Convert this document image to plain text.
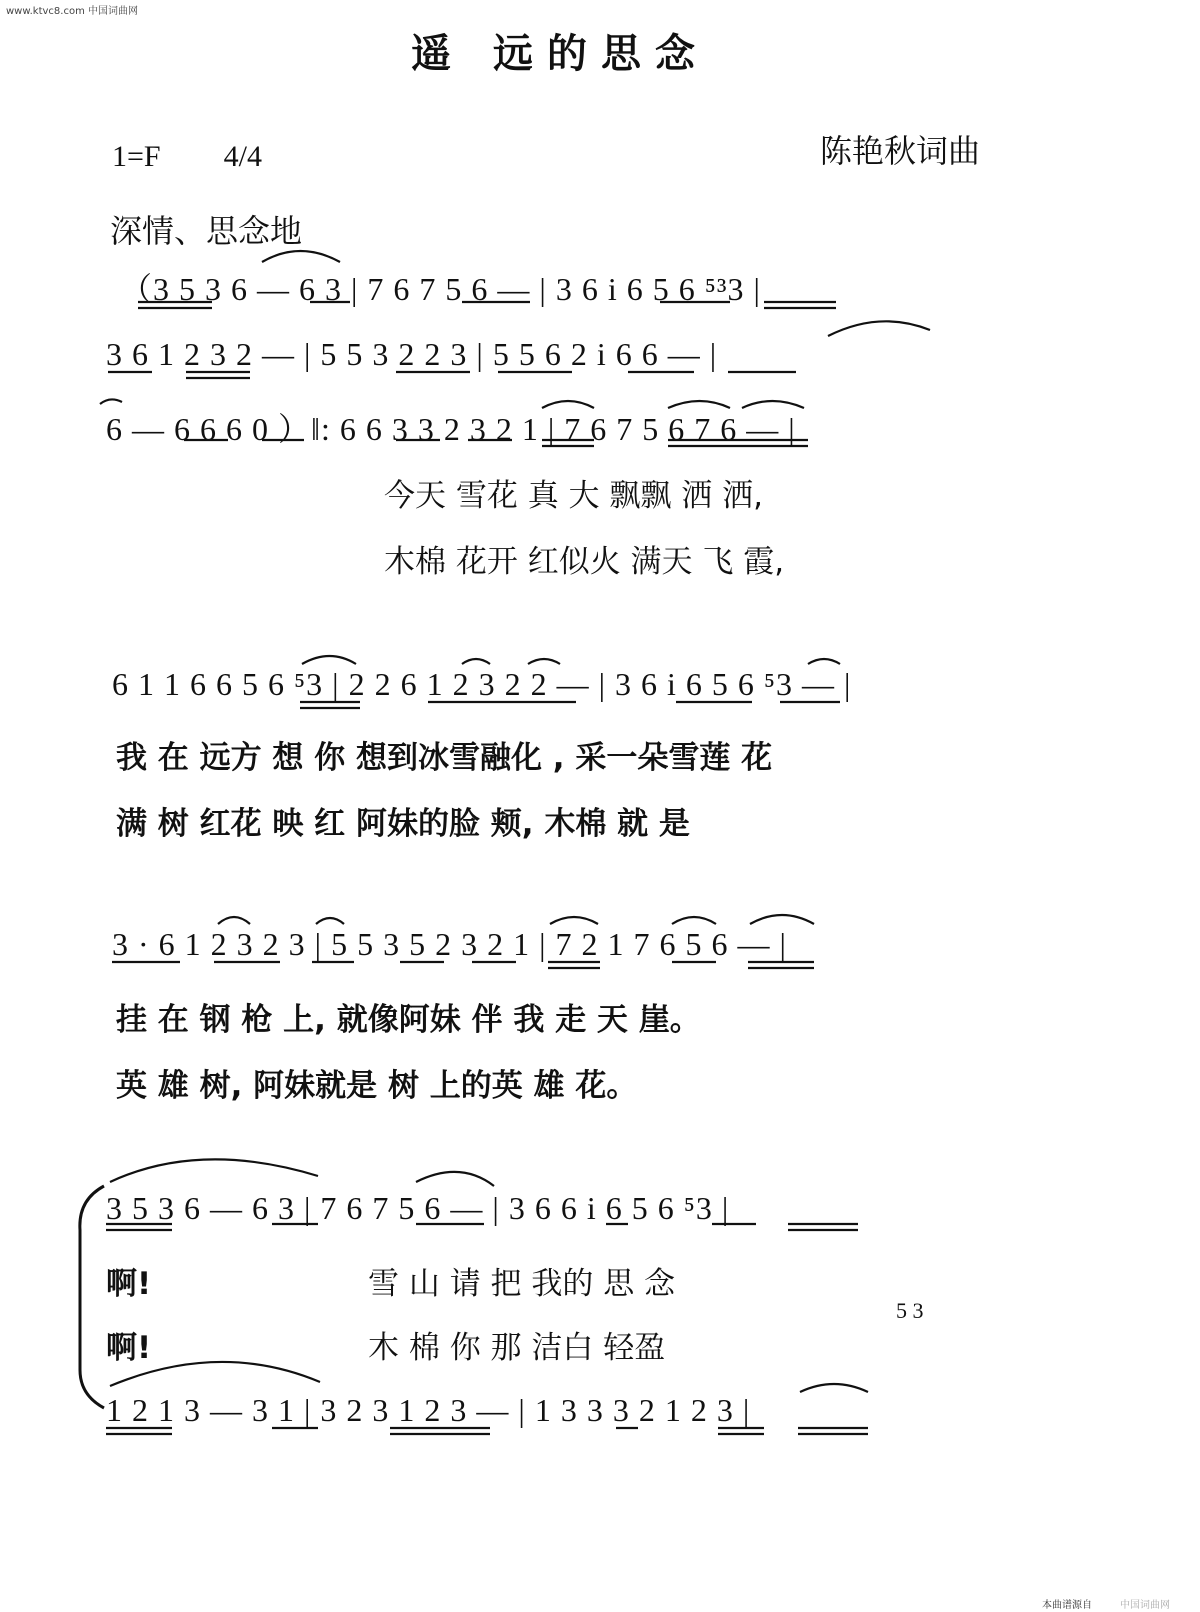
www.ktvc8.com 中国词曲网
遥 远的思念
陈艳秋词曲
1=F 4/4
深情、思念地
（3 5 3 6 — 6 3 | 7 6 7 5 6 — | 3 6 i 6 5 6 ⁵³3 |
3 6 1 2 3 2 — | 5 5 3 2 2 3 | 5 5 6 2 i 6 6 — |
6 — 6 6 6 0 ）‖: 6 6 3 3 2 3 2 1 | 7 6 7 5 6 7 6 — |
今天 雪花 真 大 飘飘 洒 洒,
木棉 花开 红似火 满天 飞 霞,
6 1 1 6 6 5 6 ⁵3 | 2 2 6 1 2 3 2 2 — | 3 6 i 6 5 6 ⁵3 — |
我 在 远方 想 你 想到冰雪融化 , 采一朵雪莲 花
满 树 红花 映 红 阿妹的脸 颊, 木棉 就 是
3 · 6 1 2 3 2 3 | 5 5 3 5 2 3 2 1 | 7 2 1 7 6 5 6 — |
挂 在 钢 枪 上, 就像阿妹 伴 我 走 天 崖。
英 雄 树, 阿妹就是 树 上的英 雄 花。
3 5 3 6 — 6 3 | 7 6 7 5 6 — | 3 6 6 i 6 5 6 ⁵3 |
啊!	雪 山 请 把 我的 思 念
5 3
啊!	木 棉 你 那 洁白 轻盈
1 2 1 3 — 3 1 | 3 2 3 1 2 3 — | 1 3 3 3 2 1 2 3 |
本曲谱源自	中国词曲网
